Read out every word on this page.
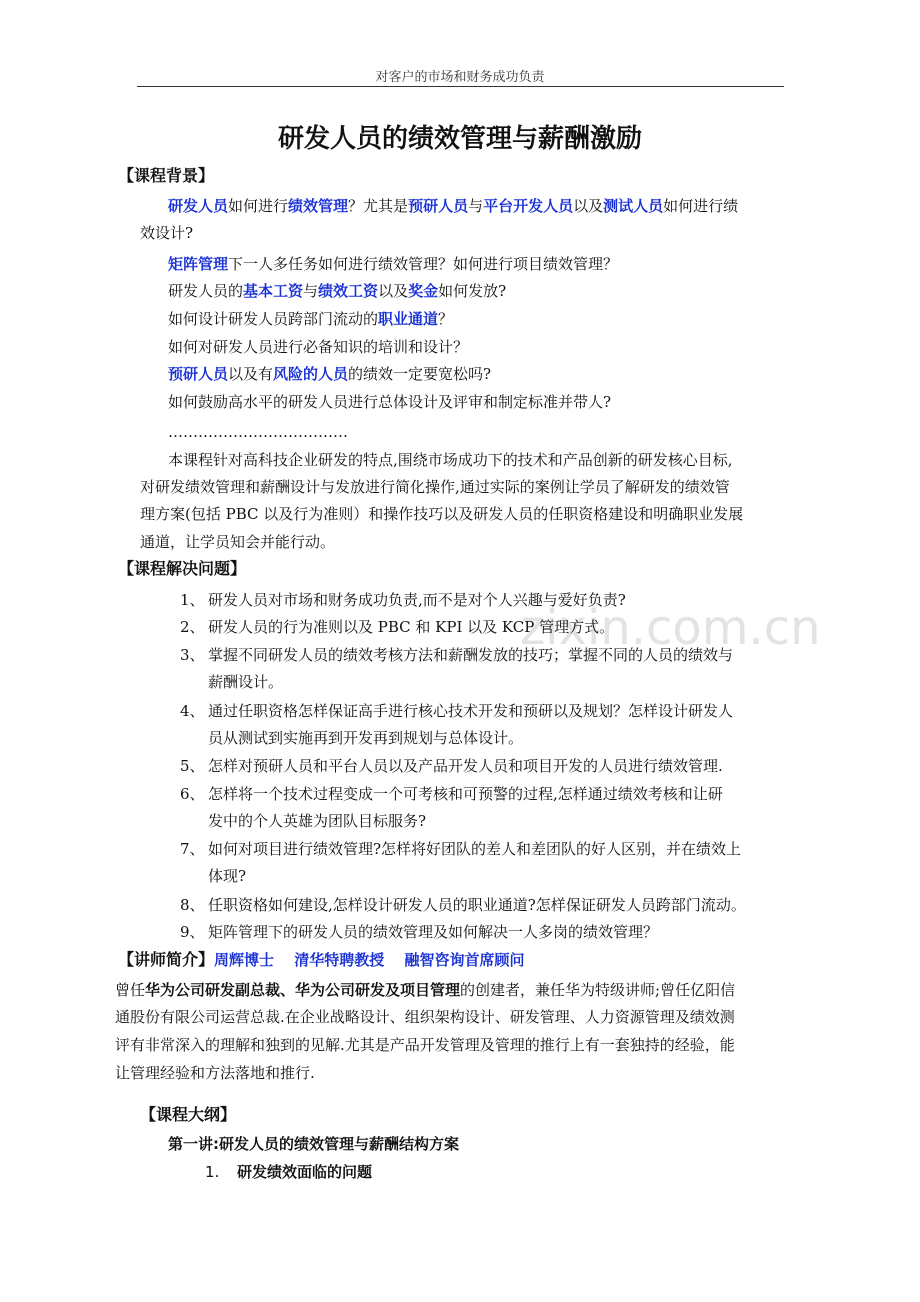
zixin.com.cn
对客户的市场和财务成功负责
研发人员的绩效管理与薪酬激励
【课程背景】
研发人员如何进行绩效管理？尤其是预研人员与平台开发人员以及测试人员如何进行绩
效设计?
矩阵管理下一人多任务如何进行绩效管理？如何进行项目绩效管理？
研发人员的基本工资与绩效工资以及奖金如何发放?
如何设计研发人员跨部门流动的职业通道？
如何对研发人员进行必备知识的培训和设计？
预研人员以及有风险的人员的绩效一定要宽松吗?
如何鼓励高水平的研发人员进行总体设计及评审和制定标准并带人?
………………………………
本课程针对高科技企业研发的特点,围绕市场成功下的技术和产品创新的研发核心目标,
对研发绩效管理和薪酬设计与发放进行简化操作,通过实际的案例让学员了解研发的绩效管
理方案(包括 PBC 以及行为准则）和操作技巧以及研发人员的任职资格建设和明确职业发展
通道，让学员知会并能行动。
【课程解决问题】
1、 研发人员对市场和财务成功负责,而不是对个人兴趣与爱好负责?
2、 研发人员的行为准则以及 PBC 和 KPI 以及 KCP 管理方式。
3、 掌握不同研发人员的绩效考核方法和薪酬发放的技巧；掌握不同的人员的绩效与
薪酬设计。
4、 通过任职资格怎样保证高手进行核心技术开发和预研以及规划？怎样设计研发人
员从测试到实施再到开发再到规划与总体设计。
5、 怎样对预研人员和平台人员以及产品开发人员和项目开发的人员进行绩效管理.
6、 怎样将一个技术过程变成一个可考核和可预警的过程,怎样通过绩效考核和让研
发中的个人英雄为团队目标服务?
7、 如何对项目进行绩效管理?怎样将好团队的差人和差团队的好人区别，并在绩效上
体现?
8、 任职资格如何建设,怎样设计研发人员的职业通道?怎样保证研发人员跨部门流动。
9、 矩阵管理下的研发人员的绩效管理及如何解决一人多岗的绩效管理？
【讲师简介】周辉博士　 清华特聘教授　 融智咨询首席顾问
曾任华为公司研发副总裁、华为公司研发及项目管理的创建者，兼任华为特级讲师;曾任亿阳信
通股份有限公司运营总裁.在企业战略设计、组织架构设计、研发管理、人力资源管理及绩效测
评有非常深入的理解和独到的见解.尤其是产品开发管理及管理的推行上有一套独持的经验，能
让管理经验和方法落地和推行.
【课程大纲】
第一讲:研发人员的绩效管理与薪酬结构方案
1. 研发绩效面临的问题
